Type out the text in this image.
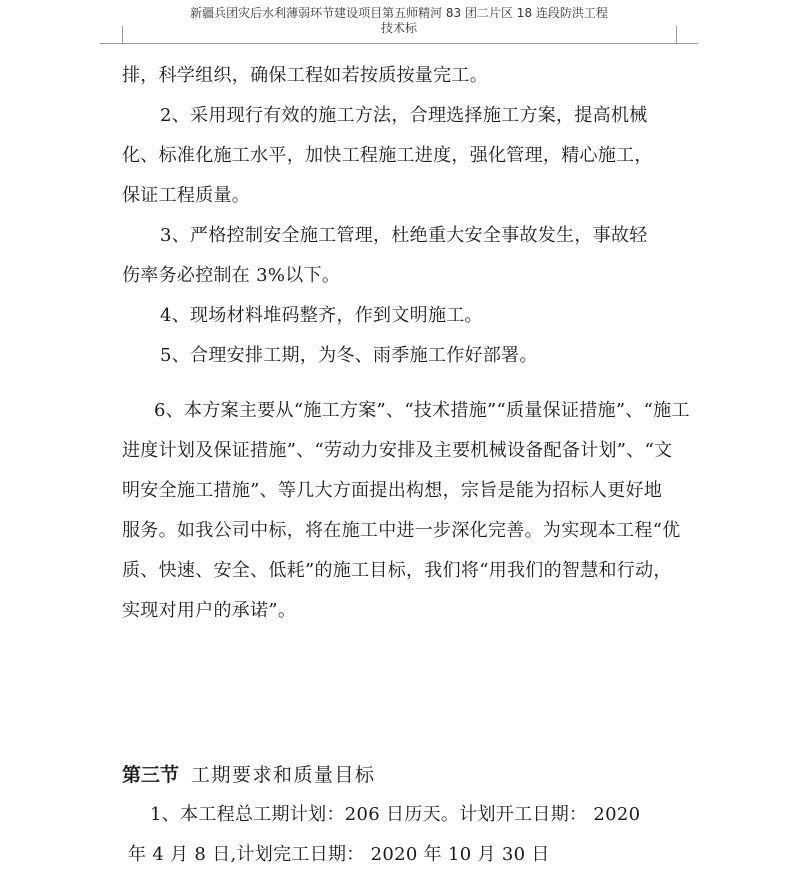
新疆兵团灾后水利薄弱环节建设项目第五师精河 83 团二片区 18 连段防洪工程
技术标
排，科学组织，确保工程如若按质按量完工。
2、采用现行有效的施工方法，合理选择施工方案，提高机械
化、标准化施工水平，加快工程施工进度，强化管理，精心施工，
保证工程质量。
3、严格控制安全施工管理，杜绝重大安全事故发生，事故轻
伤率务必控制在 3%以下。
4、现场材料堆码整齐，作到文明施工。
5、合理安排工期，为冬、雨季施工作好部署。
6、本方案主要从“施工方案”、“技术措施”“质量保证措施”、“施工
进度计划及保证措施”、“劳动力安排及主要机械设备配备计划”、“文
明安全施工措施”、等几大方面提出构想，宗旨是能为招标人更好地
服务。如我公司中标，将在施工中进一步深化完善。为实现本工程“优
质、快速、安全、低耗”的施工目标，我们将“用我们的智慧和行动，
实现对用户的承诺”。
第三节 工期要求和质量目标
1、本工程总工期计划：206 日历天。计划开工日期： 2020
年 4 月 8 日,计划完工日期： 2020 年 10 月 30 日
